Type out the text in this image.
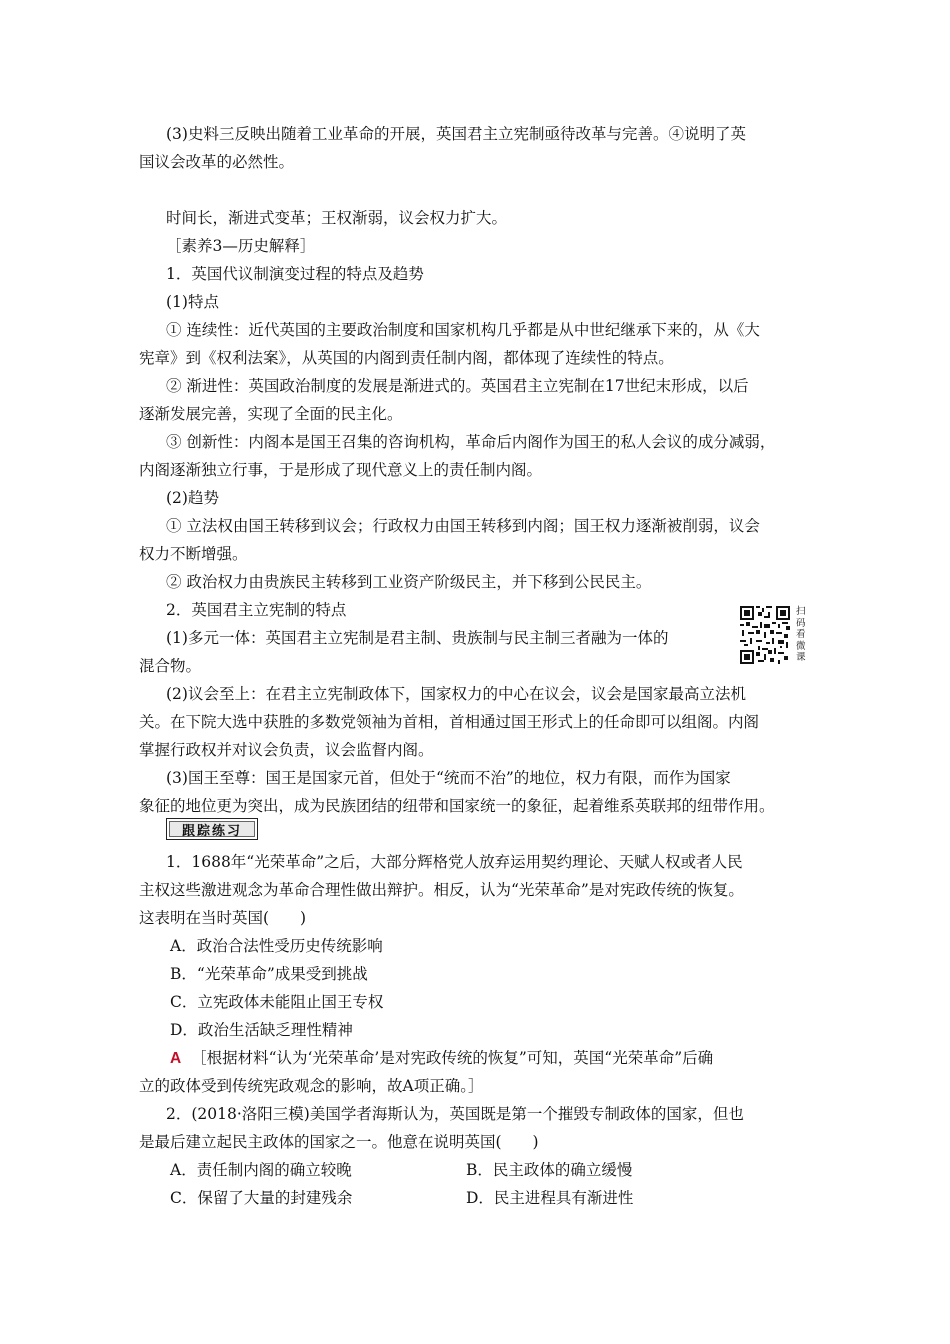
(3)史料三反映出随着工业革命的开展，英国君主立宪制亟待改革与完善。④说明了英
国议会改革的必然性。
时间长，渐进式变革；王权渐弱，议会权力扩大。
［素养3—历史解释］
1．英国代议制演变过程的特点及趋势
(1)特点
① 连续性：近代英国的主要政治制度和国家机构几乎都是从中世纪继承下来的，从《大
宪章》到《权利法案》，从英国的内阁到责任制内阁，都体现了连续性的特点。
② 渐进性：英国政治制度的发展是渐进式的。英国君主立宪制在17世纪末形成，以后
逐渐发展完善，实现了全面的民主化。
③ 创新性：内阁本是国王召集的咨询机构，革命后内阁作为国王的私人会议的成分减弱，
内阁逐渐独立行事，于是形成了现代意义上的责任制内阁。
(2)趋势
① 立法权由国王转移到议会；行政权力由国王转移到内阁；国王权力逐渐被削弱，议会
权力不断增强。
② 政治权力由贵族民主转移到工业资产阶级民主，并下移到公民民主。
2．英国君主立宪制的特点
(1)多元一体：英国君主立宪制是君主制、贵族制与民主制三者融为一体的
混合物。
扫码看微课
(2)议会至上：在君主立宪制政体下，国家权力的中心在议会，议会是国家最高立法机
关。在下院大选中获胜的多数党领袖为首相，首相通过国王形式上的任命即可以组阁。内阁
掌握行政权并对议会负责，议会监督内阁。
(3)国王至尊：国王是国家元首，但处于“统而不治”的地位，权力有限，而作为国家
象征的地位更为突出，成为民族团结的纽带和国家统一的象征，起着维系英联邦的纽带作用。
跟踪练习
1．1688年“光荣革命”之后，大部分辉格党人放弃运用契约理论、天赋人权或者人民
主权这些激进观念为革命合理性做出辩护。相反，认为“光荣革命”是对宪政传统的恢复。
这表明在当时英国(　　)
A．政治合法性受历史传统影响
B．“光荣革命”成果受到挑战
C．立宪政体未能阻止国王专权
D．政治生活缺乏理性精神
A ［根据材料“认为‘光荣革命’是对宪政传统的恢复”可知，英国“光荣革命”后确
立的政体受到传统宪政观念的影响，故A项正确。］
2．(2018·洛阳三模)美国学者海斯认为，英国既是第一个摧毁专制政体的国家，但也
是最后建立起民主政体的国家之一。他意在说明英国(　　)
A．责任制内阁的确立较晚	B．民主政体的确立缓慢
C．保留了大量的封建残余	D．民主进程具有渐进性
